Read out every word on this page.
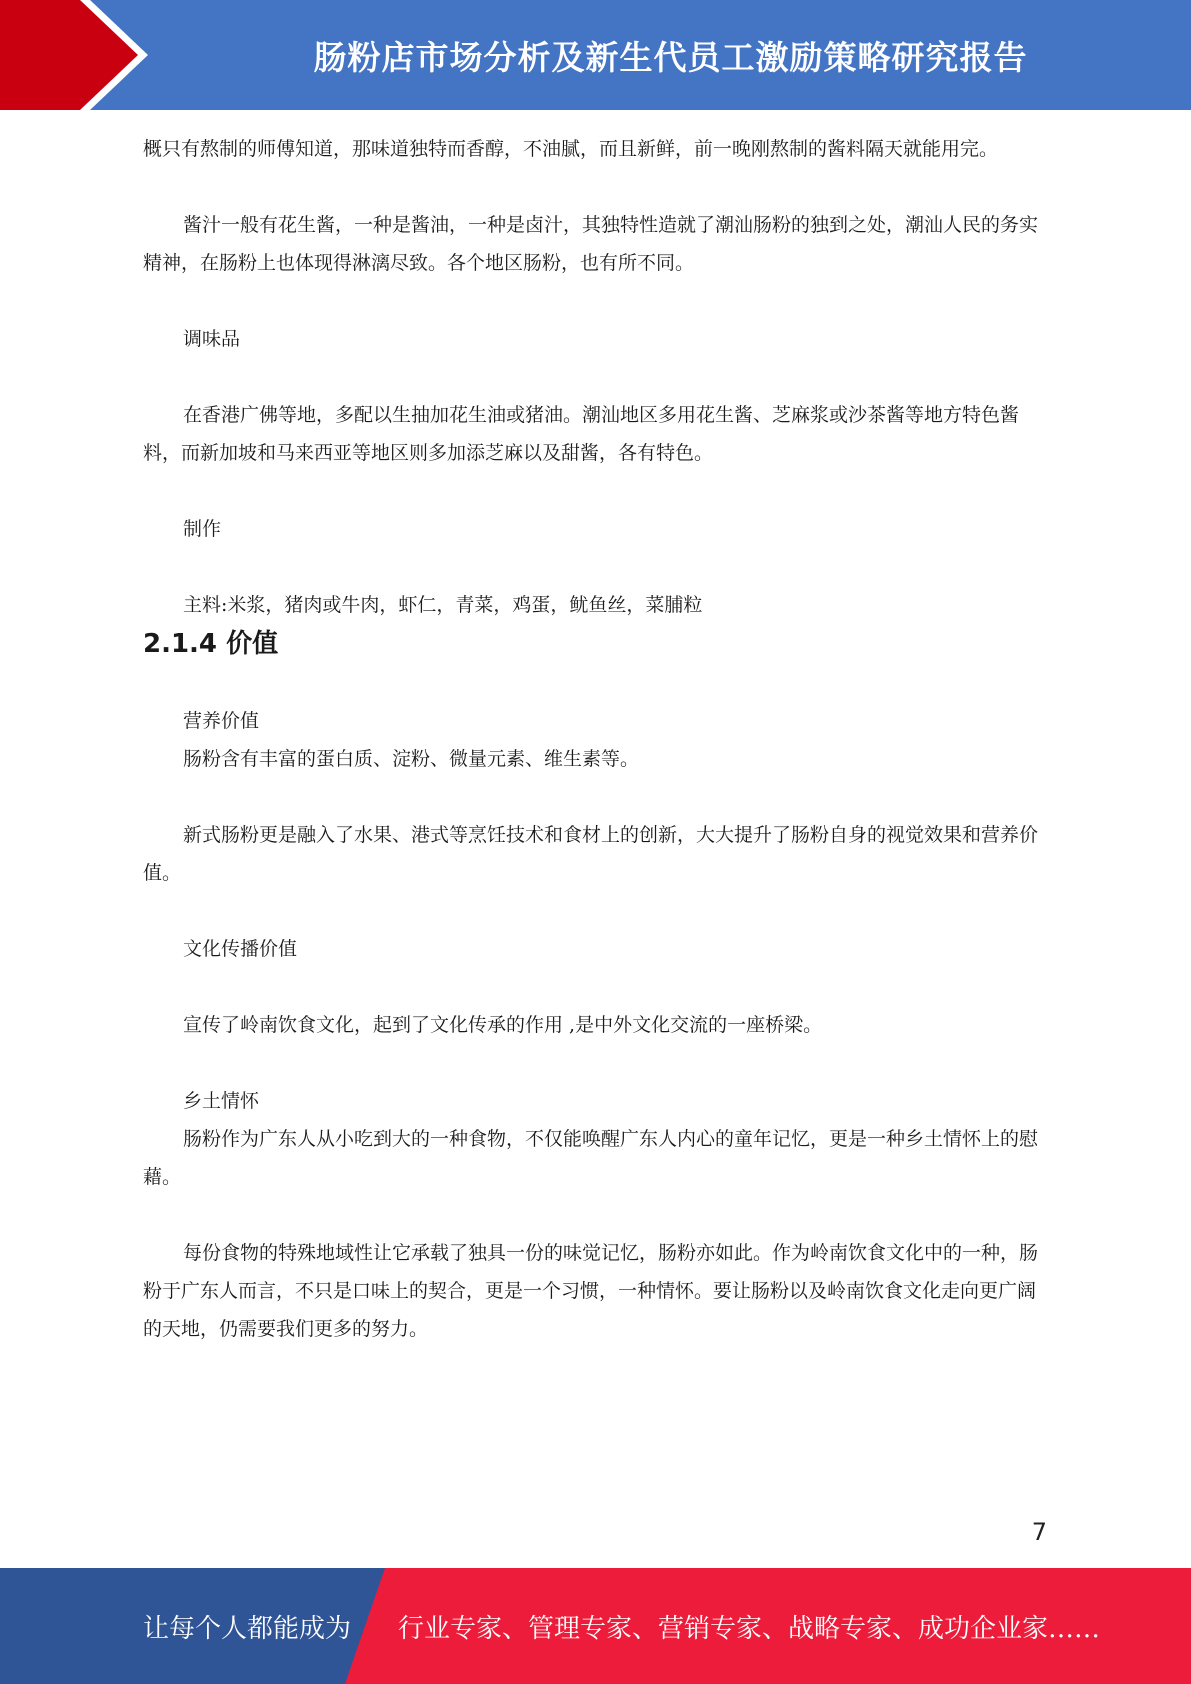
肠粉店市场分析及新生代员工激励策略研究报告

概只有熬制的师傅知道，那味道独特而香醇，不油腻，而且新鲜，前一晚刚熬制的酱料隔天就能用完。

酱汁一般有花生酱，一种是酱油，一种是卤汁，其独特性造就了潮汕肠粉的独到之处，潮汕人民的务实精神，在肠粉上也体现得淋漓尽致。各个地区肠粉，也有所不同。

调味品

在香港广佛等地，多配以生抽加花生油或猪油。潮汕地区多用花生酱、芝麻浆或沙茶酱等地方特色酱料，而新加坡和马来西亚等地区则多加添芝麻以及甜酱，各有特色。

制作

主料:米浆，猪肉或牛肉，虾仁，青菜，鸡蛋，鱿鱼丝，菜脯粒

2.1.4 价值

营养价值

肠粉含有丰富的蛋白质、淀粉、微量元素、维生素等。

新式肠粉更是融入了水果、港式等烹饪技术和食材上的创新，大大提升了肠粉自身的视觉效果和营养价值。

文化传播价值

宣传了岭南饮食文化，起到了文化传承的作用 ,是中外文化交流的一座桥梁。

乡土情怀

肠粉作为广东人从小吃到大的一种食物，不仅能唤醒广东人内心的童年记忆，更是一种乡土情怀上的慰藉。

每份食物的特殊地域性让它承载了独具一份的味觉记忆，肠粉亦如此。作为岭南饮食文化中的一种，肠粉于广东人而言，不只是口味上的契合，更是一个习惯，一种情怀。要让肠粉以及岭南饮食文化走向更广阔的天地，仍需要我们更多的努力。

7
让每个人都能成为 行业专家、管理专家、营销专家、战略专家、成功企业家……
